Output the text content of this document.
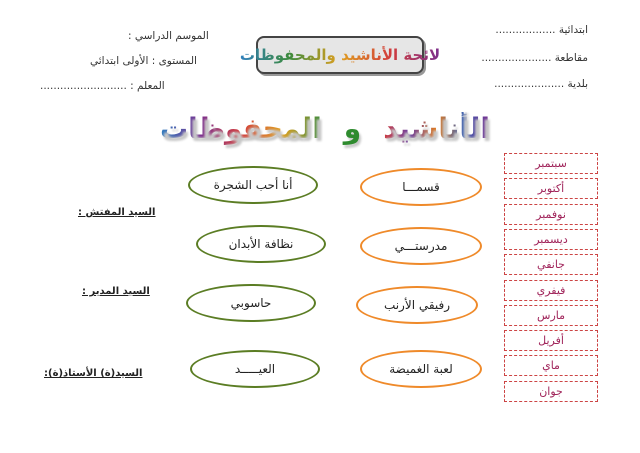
ابتدائية ..................
مقاطعة .....................
بلدية .....................
الموسم الدراسي :
المستوى : الأولى ابتدائي
المعلم : ..........................
لائحة الأناشيد والمحفوظات
الأناشيد
و
المحفوظات
سبتمبر
أكتوبر
نوفمبر
ديسمبر
جانفي
فيفري
مارس
أفريل
ماي
جوان
قسمـــا
مدرستـــي
رفيقي الأرنب
لعبة الغميضة
أنا أحب الشجرة
نظافة الأبدان
حاسوبي
العيـــــد
السيد المفتش :
السيد المدير :
السيد(ة) الأستاذ(ة):
